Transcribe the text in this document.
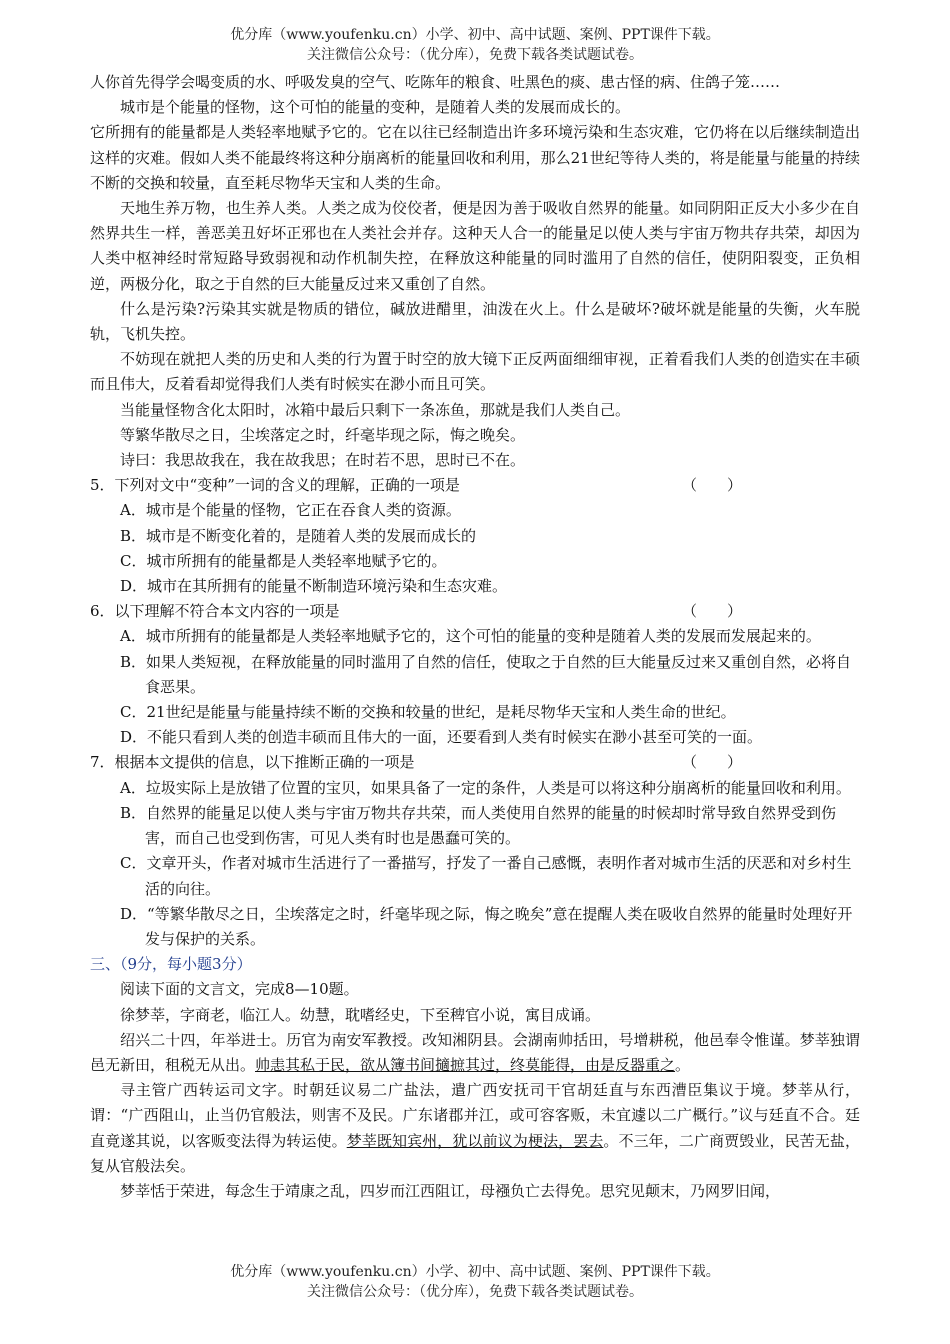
优分库（www.youfenku.cn）小学、初中、高中试题、案例、PPT课件下载。
关注微信公众号：（优分库），免费下载各类试题试卷。

人你首先得学会喝变质的水、呼吸发臭的空气、吃陈年的粮食、吐黑色的痰、患古怪的病、住鸽子笼……

城市是个能量的怪物，这个可怕的能量的变种，是随着人类的发展而成长的。

它所拥有的能量都是人类轻率地赋予它的。它在以往已经制造出许多环境污染和生态灾难，它仍将在以后继续制造出这样的灾难。假如人类不能最终将这种分崩离析的能量回收和利用，那么21世纪等待人类的，将是能量与能量的持续不断的交换和较量，直至耗尽物华天宝和人类的生命。

天地生养万物，也生养人类。人类之成为佼佼者，便是因为善于吸收自然界的能量。如同阴阳正反大小多少在自然界共生一样，善恶美丑好坏正邪也在人类社会并存。这种天人合一的能量足以使人类与宇宙万物共存共荣，却因为人类中枢神经时常短路导致弱视和动作机制失控，在释放这种能量的同时滥用了自然的信任，使阴阳裂变，正负相逆，两极分化，取之于自然的巨大能量反过来又重创了自然。

什么是污染?污染其实就是物质的错位，碱放进醋里，油泼在火上。什么是破坏?破坏就是能量的失衡，火车脱轨，飞机失控。

不妨现在就把人类的历史和人类的行为置于时空的放大镜下正反两面细细审视，正着看我们人类的创造实在丰硕而且伟大，反着看却觉得我们人类有时候实在渺小而且可笑。

当能量怪物含化太阳时，冰箱中最后只剩下一条冻鱼，那就是我们人类自己。

等繁华散尽之日，尘埃落定之时，纤毫毕现之际，悔之晚矣。

诗曰：我思故我在，我在故我思；在时若不思，思时已不在。

5．下列对文中“变种”一词的含义的理解，正确的一项是	（　　）

A．城市是个能量的怪物，它正在吞食人类的资源。

B．城市是不断变化着的，是随着人类的发展而成长的

C．城市所拥有的能量都是人类轻率地赋予它的。

D．城市在其所拥有的能量不断制造环境污染和生态灾难。

6．以下理解不符合本文内容的一项是	（　　）

A．城市所拥有的能量都是人类轻率地赋予它的，这个可怕的能量的变种是随着人类的发展而发展起来的。

B．如果人类短视，在释放能量的同时滥用了自然的信任，使取之于自然的巨大能量反过来又重创自然，必将自食恶果。

C．21世纪是能量与能量持续不断的交换和较量的世纪，是耗尽物华天宝和人类生命的世纪。

D．不能只看到人类的创造丰硕而且伟大的一面，还要看到人类有时候实在渺小甚至可笑的一面。

7．根据本文提供的信息，以下推断正确的一项是	（　　）

A．垃圾实际上是放错了位置的宝贝，如果具备了一定的条件，人类是可以将这种分崩离析的能量回收和利用。

B．自然界的能量足以使人类与宇宙万物共存共荣，而人类使用自然界的能量的时候却时常导致自然界受到伤害，而自己也受到伤害，可见人类有时也是愚蠢可笑的。

C．文章开头，作者对城市生活进行了一番描写，抒发了一番自己感慨，表明作者对城市生活的厌恶和对乡村生活的向往。

D．“等繁华散尽之日，尘埃落定之时，纤毫毕现之际，悔之晚矣”意在提醒人类在吸收自然界的能量时处理好开发与保护的关系。

三、（9分，每小题3分）

阅读下面的文言文，完成8—10题。

徐梦莘，字商老，临江人。幼慧，耽嗜经史，下至稗官小说，寓目成诵。

绍兴二十四，年举进士。历官为南安军教授。改知湘阴县。会湖南帅括田，号增耕税，他邑奉令惟谨。梦莘独谓邑无新田，租税无从出。帅恚其私于民，欲从簿书间擿摭其过，终莫能得，由是反器重之。

寻主管广西转运司文字。时朝廷议易二广盐法，遣广西安抚司干官胡廷直与东西漕臣集议于境。梦莘从行，谓：“广西阻山，止当仍官般法，则害不及民。广东诸郡并江，或可容客贩，未宜遽以二广概行。”议与廷直不合。廷直竟遂其说，以客贩变法得为转运使。梦莘既知宾州，犹以前议为梗法，罢去。不三年，二广商贾毁业，民苦无盐，复从官般法矣。

梦莘恬于荣进，每念生于靖康之乱，四岁而江西阻讧，母襁负亡去得免。思究见颠末，乃网罗旧闻，

优分库（www.youfenku.cn）小学、初中、高中试题、案例、PPT课件下载。
关注微信公众号：（优分库），免费下载各类试题试卷。
